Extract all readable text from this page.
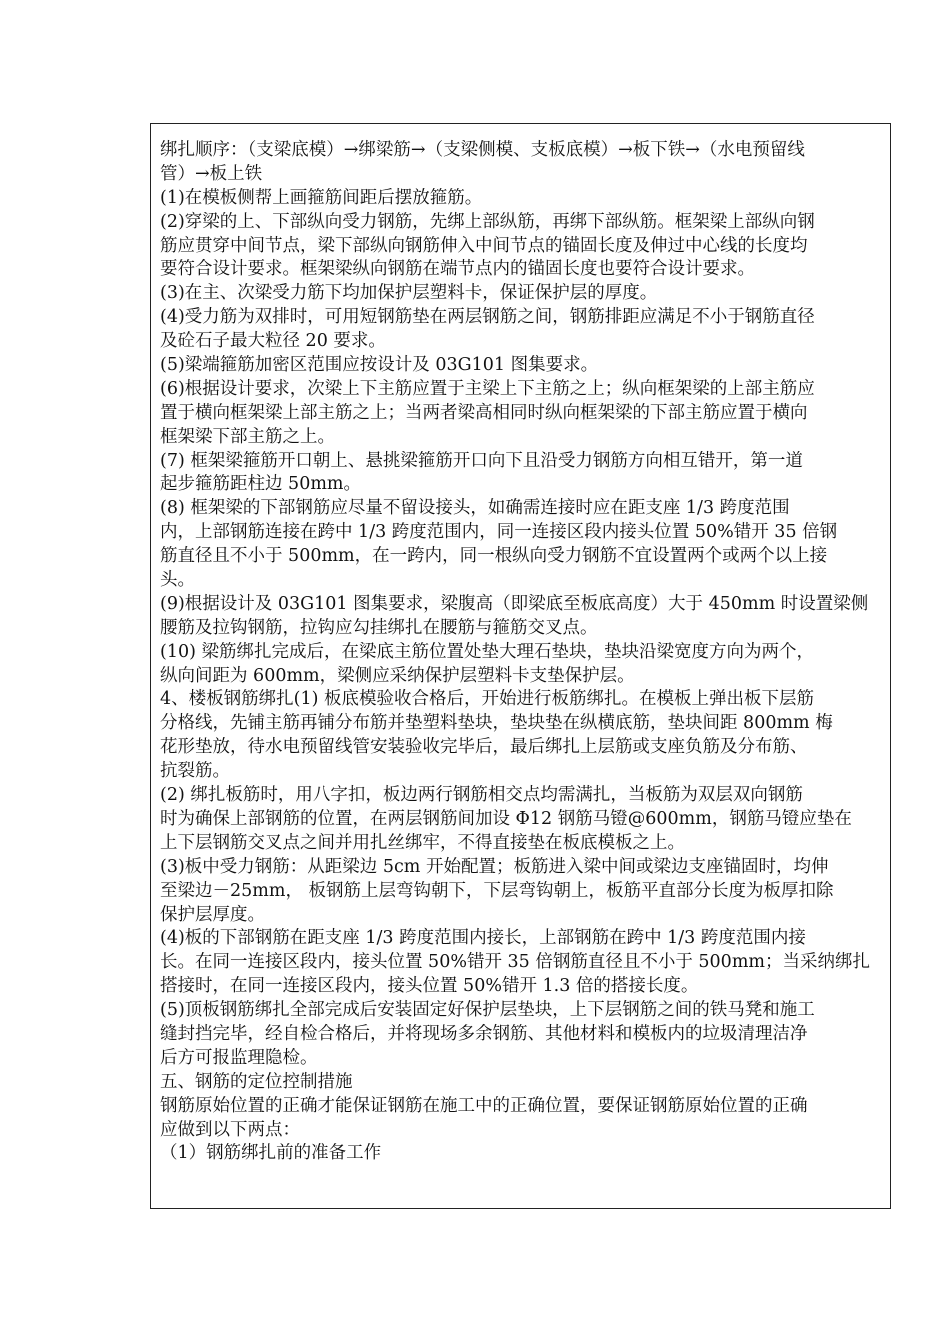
绑扎顺序：（支梁底模）→绑梁筋→（支梁侧模、支板底模）→板下铁→（水电预留线
管）→板上铁
(1)在模板侧帮上画箍筋间距后摆放箍筋。
(2)穿梁的上、下部纵向受力钢筋，先绑上部纵筋，再绑下部纵筋。框架梁上部纵向钢
筋应贯穿中间节点，梁下部纵向钢筋伸入中间节点的锚固长度及伸过中心线的长度均
要符合设计要求。框架梁纵向钢筋在端节点内的锚固长度也要符合设计要求。
(3)在主、次梁受力筋下均加保护层塑料卡，保证保护层的厚度。
(4)受力筋为双排时，可用短钢筋垫在两层钢筋之间，钢筋排距应满足不小于钢筋直径
及砼石子最大粒径 20 要求。
(5)梁端箍筋加密区范围应按设计及 03G101 图集要求。
(6)根据设计要求，次梁上下主筋应置于主梁上下主筋之上；纵向框架梁的上部主筋应
置于横向框架梁上部主筋之上；当两者梁高相同时纵向框架梁的下部主筋应置于横向
框架梁下部主筋之上。
(7) 框架梁箍筋开口朝上、悬挑梁箍筋开口向下且沿受力钢筋方向相互错开，第一道
起步箍筋距柱边 50mm。
(8) 框架梁的下部钢筋应尽量不留设接头，如确需连接时应在距支座 1/3 跨度范围
内，上部钢筋连接在跨中 1/3 跨度范围内，同一连接区段内接头位置 50%错开 35 倍钢
筋直径且不小于 500mm，在一跨内，同一根纵向受力钢筋不宜设置两个或两个以上接
头。
(9)根据设计及 03G101 图集要求，梁腹高（即梁底至板底高度）大于 450mm 时设置梁侧
腰筋及拉钩钢筋，拉钩应勾挂绑扎在腰筋与箍筋交叉点。
(10) 梁筋绑扎完成后，在梁底主筋位置处垫大理石垫块，垫块沿梁宽度方向为两个，
纵向间距为 600mm，梁侧应采纳保护层塑料卡支垫保护层。
4、楼板钢筋绑扎(1) 板底模验收合格后，开始进行板筋绑扎。在模板上弹出板下层筋
分格线，先铺主筋再铺分布筋并垫塑料垫块，垫块垫在纵横底筋，垫块间距 800mm 梅
花形垫放，待水电预留线管安装验收完毕后，最后绑扎上层筋或支座负筋及分布筋、
抗裂筋。
(2) 绑扎板筋时，用八字扣，板边两行钢筋相交点均需满扎，当板筋为双层双向钢筋
时为确保上部钢筋的位置，在两层钢筋间加设 Φ12 钢筋马镫@600mm，钢筋马镫应垫在
上下层钢筋交叉点之间并用扎丝绑牢，不得直接垫在板底模板之上。
(3)板中受力钢筋：从距梁边 5cm 开始配置；板筋进入梁中间或梁边支座锚固时，均伸
至梁边－25mm， 板钢筋上层弯钩朝下，下层弯钩朝上，板筋平直部分长度为板厚扣除
保护层厚度。
(4)板的下部钢筋在距支座 1/3 跨度范围内接长，上部钢筋在跨中 1/3 跨度范围内接
长。在同一连接区段内，接头位置 50%错开 35 倍钢筋直径且不小于 500mm；当采纳绑扎
搭接时，在同一连接区段内，接头位置 50%错开 1.3 倍的搭接长度。
(5)顶板钢筋绑扎全部完成后安装固定好保护层垫块，上下层钢筋之间的铁马凳和施工
缝封挡完毕，经自检合格后，并将现场多余钢筋、其他材料和模板内的垃圾清理洁净
后方可报监理隐检。
五、钢筋的定位控制措施
钢筋原始位置的正确才能保证钢筋在施工中的正确位置，要保证钢筋原始位置的正确
应做到以下两点：
（1）钢筋绑扎前的准备工作
